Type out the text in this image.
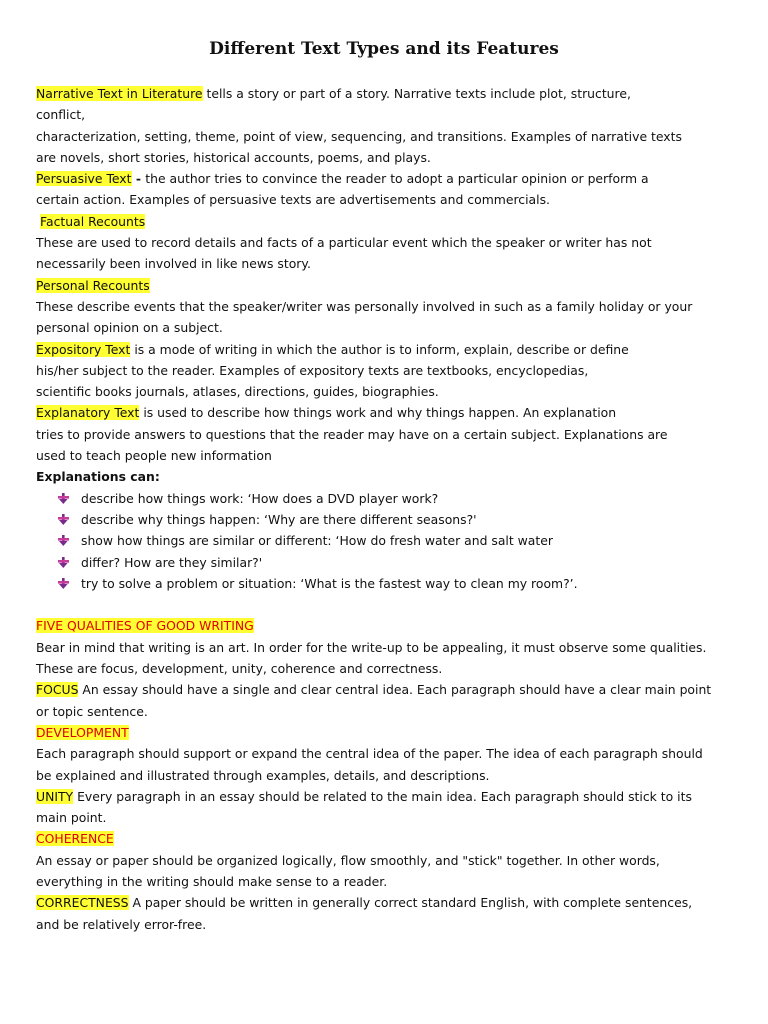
Different Text Types and its Features
Narrative Text in Literature tells a story or part of a story. Narrative texts include plot, structure,
conflict,
characterization, setting, theme, point of view, sequencing, and transitions. Examples of narrative texts
are novels, short stories, historical accounts, poems, and plays.
Persuasive Text - the author tries to convince the reader to adopt a particular opinion or perform a
certain action. Examples of persuasive texts are advertisements and commercials.
Factual Recounts
These are used to record details and facts of a particular event which the speaker or writer has not
necessarily been involved in like news story.
Personal Recounts
These describe events that the speaker/writer was personally involved in such as a family holiday or your
personal opinion on a subject.
Expository Text is a mode of writing in which the author is to inform, explain, describe or define
his/her subject to the reader. Examples of expository texts are textbooks, encyclopedias,
scientific books journals, atlases, directions, guides, biographies.
Explanatory Text is used to describe how things work and why things happen. An explanation
tries to provide answers to questions that the reader may have on a certain subject. Explanations are
used to teach people new information
Explanations can:
describe how things work: ‘How does a DVD player work?
describe why things happen: ‘Why are there different seasons?'
show how things are similar or different: ‘How do fresh water and salt water
differ? How are they similar?'
try to solve a problem or situation: ‘What is the fastest way to clean my room?’.
FIVE QUALITIES OF GOOD WRITING
Bear in mind that writing is an art. In order for the write-up to be appealing, it must observe some qualities.
These are focus, development, unity, coherence and correctness.
FOCUS An essay should have a single and clear central idea. Each paragraph should have a clear main point
or topic sentence.
DEVELOPMENT
Each paragraph should support or expand the central idea of the paper. The idea of each paragraph should
be explained and illustrated through examples, details, and descriptions.
UNITY Every paragraph in an essay should be related to the main idea. Each paragraph should stick to its
main point.
COHERENCE
An essay or paper should be organized logically, flow smoothly, and "stick" together. In other words,
everything in the writing should make sense to a reader.
CORRECTNESS A paper should be written in generally correct standard English, with complete sentences,
and be relatively error-free.
